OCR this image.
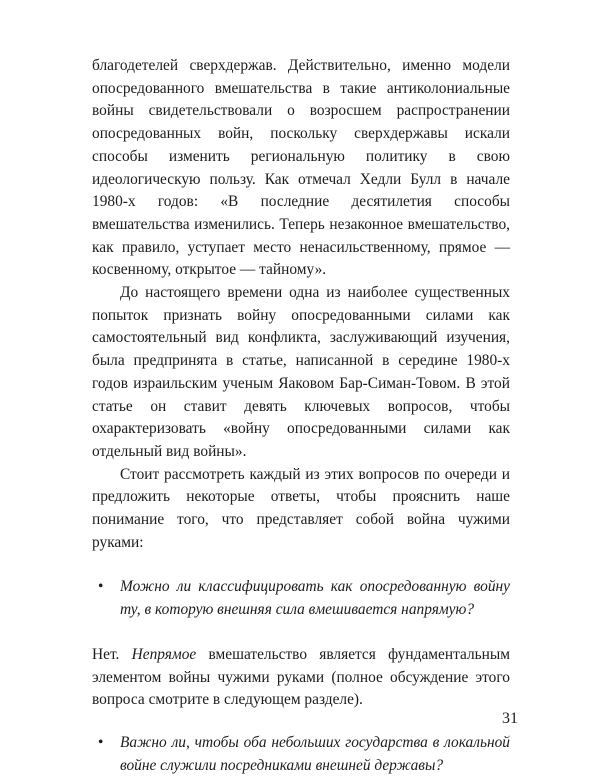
благодетелей сверхдержав. Действительно, именно модели опосредованного вмешательства в такие антиколониальные войны свидетельствовали о возросшем распространении опосредованных войн, поскольку сверхдержавы искали способы изменить региональную политику в свою идеологическую пользу. Как отмечал Хедли Булл в начале 1980-х годов: «В последние десятилетия способы вмешательства изменились. Теперь незаконное вмешательство, как правило, уступает место ненасильственному, прямое — косвенному, открытое — тайному».

До настоящего времени одна из наиболее существенных попыток признать войну опосредованными силами как самостоятельный вид конфликта, заслуживающий изучения, была предпринята в статье, написанной в середине 1980-х годов израильским ученым Яаковом Бар-Симан-Товом. В этой статье он ставит девять ключевых вопросов, чтобы охарактеризовать «войну опосредованными силами как отдельный вид войны».

Стоит рассмотреть каждый из этих вопросов по очереди и предложить некоторые ответы, чтобы прояснить наше понимание того, что представляет собой война чужими руками:

• Можно ли классифицировать как опосредованную войну ту, в которую внешняя сила вмешивается напрямую?

Нет. Непрямое вмешательство является фундаментальным элементом войны чужими руками (полное обсуждение этого вопроса смотрите в следующем разделе).

• Важно ли, чтобы оба небольших государства в локальной войне служили посредниками внешней державы?

31
